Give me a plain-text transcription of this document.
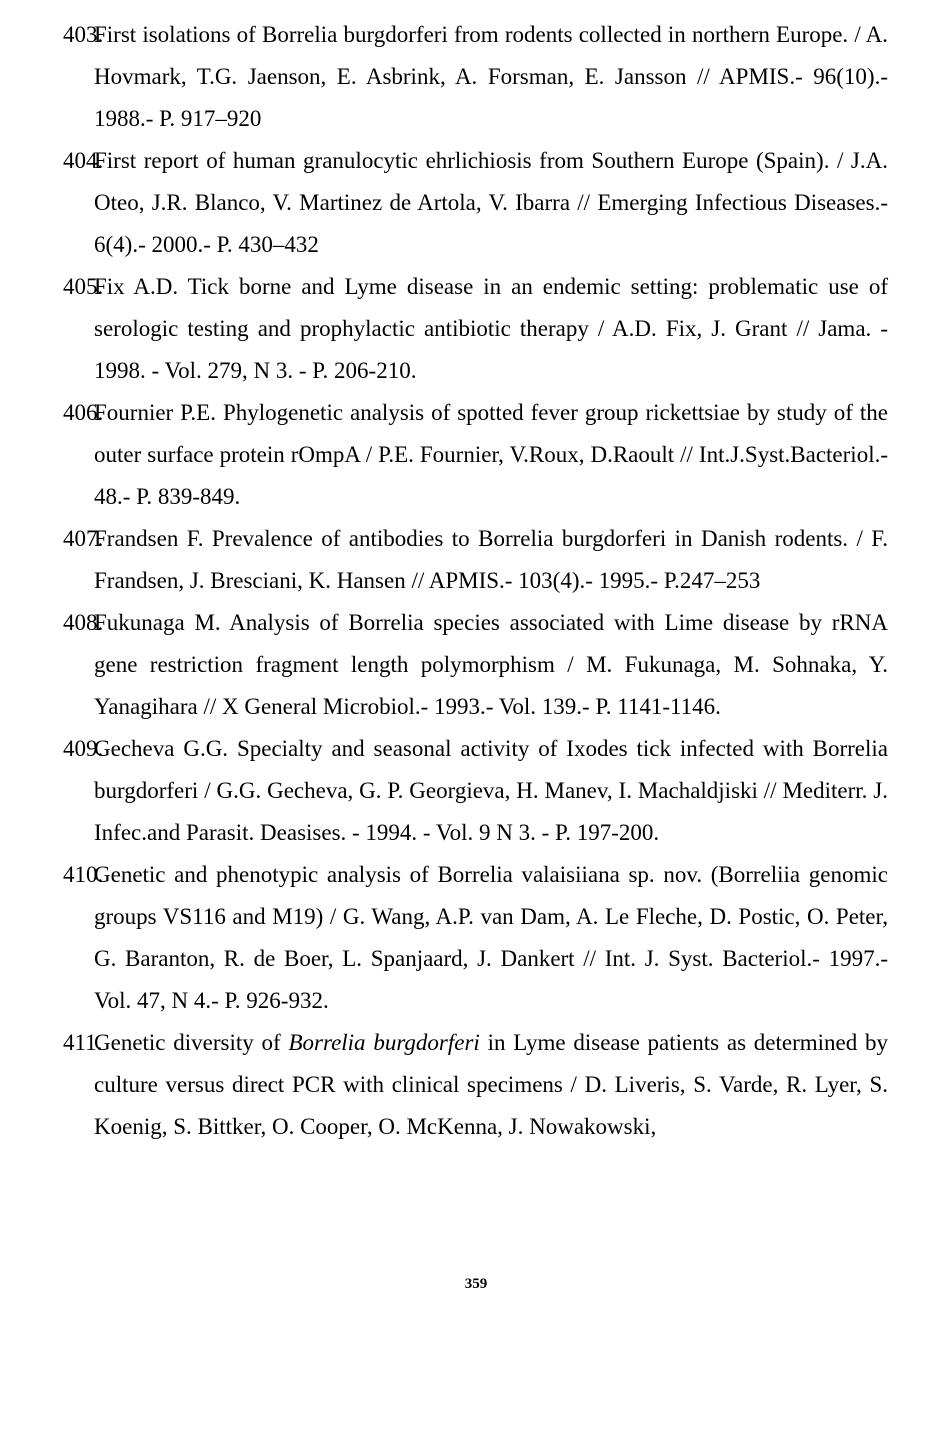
403.
First isolations of Borrelia burgdorferi from rodents collected in northern Europe. / A. Hovmark, T.G. Jaenson, E. Asbrink, A. Forsman, E. Jansson // APMIS.- 96(10).- 1988.- P. 917–920
404.
First report of human granulocytic ehrlichiosis from Southern Europe (Spain). / J.A. Oteo, J.R. Blanco, V. Martinez de Artola, V. Ibarra // Emerging Infectious Diseases.- 6(4).- 2000.- P. 430–432
405.
Fix A.D. Tick borne and Lyme disease in an endemic setting: problematic use of serologic testing and prophylactic antibiotic therapy / A.D. Fix, J. Grant // Jama. - 1998. - Vol. 279, N 3. - P. 206-210.
406.
Fournier P.E. Phylogenetic analysis of spotted fever group rickettsiae by study of the outer surface protein rOmpA / P.E. Fournier, V.Roux, D.Raoult // Int.J.Syst.Bacteriol.- 48.- P. 839-849.
407.
Frandsen F. Prevalence of antibodies to Borrelia burgdorferi in Danish rodents. / F. Frandsen, J. Bresciani, K. Hansen // APMIS.- 103(4).- 1995.- P.247–253
408.
Fukunaga M. Analysis of Borrelia species associated with Lime disease by rRNA gene restriction fragment length polymorphism / M. Fukunaga, M. Sohnaka, Y. Yanagihara // X General Microbiol.- 1993.- Vol. 139.- P. 1141-1146.
409.
Gecheva G.G. Specialty and seasonal activity of Ixodes tick infected with Borrelia burgdorferi / G.G. Gecheva, G. P. Georgieva, H. Manev, I. Machaldjiski // Mediterr. J. Infec.and Parasit. Deasises. - 1994. - Vol. 9 N 3. - P. 197-200.
410.
Genetic and phenotypic analysis of Borrelia valaisiiana sp. nov. (Borreliia genomic groups VS116 and M19) / G. Wang, A.P. van Dam, A. Le Fleche, D. Postic, O. Peter, G. Baranton, R. de Boer, L. Spanjaard, J. Dankert // Int. J. Syst. Bacteriol.- 1997.- Vol. 47, N 4.- P. 926-932.
411.
Genetic diversity of Borrelia burgdorferi in Lyme disease patients as determined by culture versus direct PCR with clinical specimens / D. Liveris, S. Varde, R. Lyer, S. Koenig, S. Bittker, O. Cooper, O. McKenna, J. Nowakowski,
359
